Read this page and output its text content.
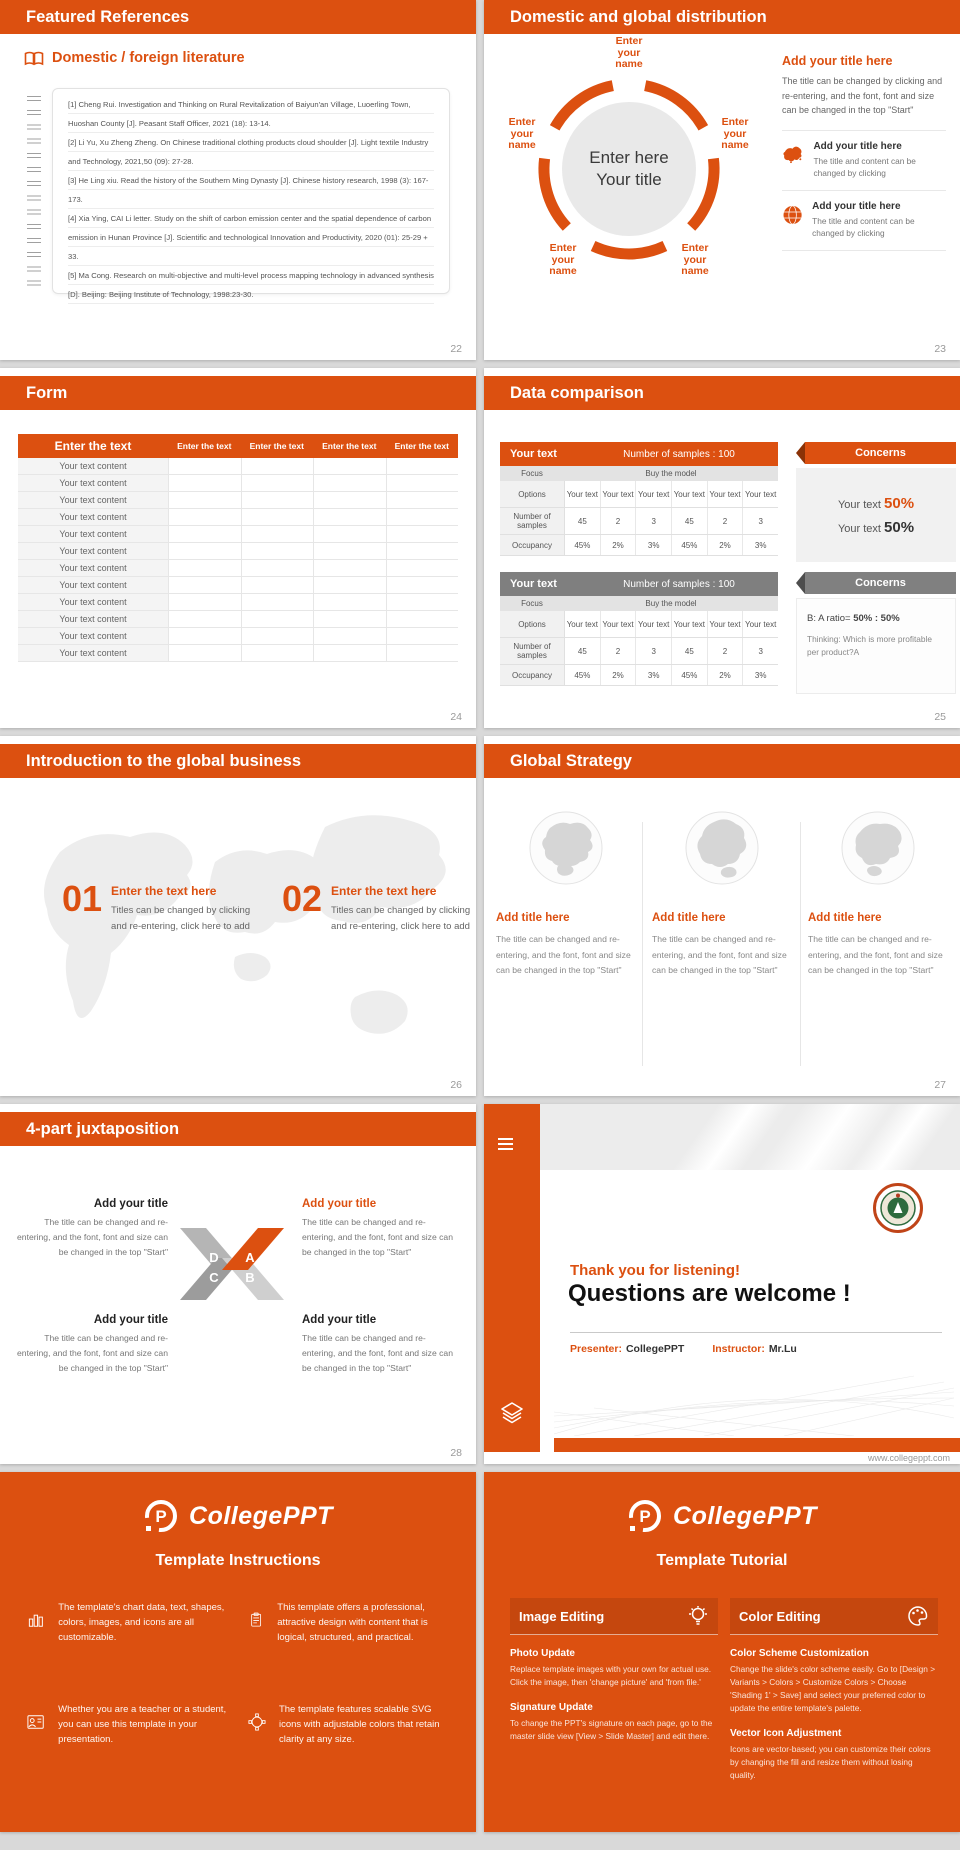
Featured References
Domestic / foreign literature

[1] Cheng Rui. Investigation and Thinking on Rural Revitalization of Baiyun'an Village, Luoerling Town, Huoshan County [J]. Peasant Staff Officer, 2021 (18): 13-14.

[2] Li Yu, Xu Zheng Zheng. On Chinese traditional clothing products cloud shoulder [J]. Light textile Industry and Technology, 2021,50 (09): 27-28.

[3] He Ling xiu. Read the history of the Southern Ming Dynasty [J]. Chinese history research, 1998 (3): 167-173.

[4] Xia Ying, CAI Li letter. Study on the shift of carbon emission center and the spatial dependence of carbon emission in Hunan Province [J]. Scientific and technological Innovation and Productivity, 2020 (01): 25-29 + 33.

[5] Ma Cong. Research on multi-objective and multi-level process mapping technology in advanced synthesis [D]. Beijing: Beijing Institute of Technology, 1998:23-30.

22
Domestic and global distribution
Enter here
Your title
Enter your name
Enter your name
Enter your name
Enter your name
Enter your name
Add your title here
The title can be changed by clicking and re-entering, and the font, font and size can be changed in the top "Start"
Add your title here
The title and content can be changed by clicking
Add your title here
The title and content can be changed by clicking
23
Form
Enter the text	Enter the text	Enter the text	Enter the text	Enter the text
Your text content
Your text content
Your text content
Your text content
Your text content
Your text content
Your text content
Your text content
Your text content
Your text content
Your text content
Your text content
24
Data comparison
Your text	Number of samples : 100
Focus	Buy the model
Options	Your text Your text Your text Your text Your text Your text
Number of samples	45	2	3	45	2	3
Occupancy	45%	2%	3%	45%	2%	3%
Your text	Number of samples : 100
Focus	Buy the model
Options	Your text Your text Your text Your text Your text Your text
Number of samples	45	2	3	45	2	3
Occupancy	45%	2%	3%	45%	2%	3%
Concerns
Your text 50%
Your text 50%
Concerns
B: A ratio= 50% : 50%
Thinking: Which is more profitable per product?A
25
Introduction to the global business
01 Enter the text here
Titles can be changed by clicking and re-entering, click here to add
02 Enter the text here
Titles can be changed by clicking and re-entering, click here to add
26
Global Strategy
Add title here
The title can be changed and re-entering, and the font, font and size can be changed in the top "Start"
Add title here
The title can be changed and re-entering, and the font, font and size can be changed in the top "Start"
Add title here
The title can be changed and re-entering, and the font, font and size can be changed in the top "Start"
27
4-part juxtaposition
Add your title
The title can be changed and re-entering, and the font, font and size can be changed in the top "Start"
Add your title
The title can be changed and re-entering, and the font, font and size can be changed in the top "Start"
Add your title
The title can be changed and re-entering, and the font, font and size can be changed in the top "Start"
Add your title
The title can be changed and re-entering, and the font, font and size can be changed in the top "Start"
D A
C B
28
Thank you for listening!
Questions are welcome !
Presenter: CollegePPT	Instructor: Mr.Lu
www.collegeppt.com
P CollegePPT
Template Instructions
The template's chart data, text, shapes, colors, images, and icons are all customizable.
This template offers a professional, attractive design with content that is logical, structured, and practical.
Whether you are a teacher or a student, you can use this template in your presentation.
The template features scalable SVG icons with adjustable colors that retain clarity at any size.
P CollegePPT
Template Tutorial
Image Editing
Photo Update
Replace template images with your own for actual use. Click the image, then 'change picture' and 'from file.'
Signature Update
To change the PPT's signature on each page, go to the master slide view [View > Slide Master] and edit there.
Color Editing
Color Scheme Customization
Change the slide's color scheme easily. Go to [Design > Variants > Colors > Customize Colors > Choose 'Shading 1' > Save] and select your preferred color to update the entire template's palette.
Vector Icon Adjustment
Icons are vector-based; you can customize their colors by changing the fill and resize them without losing quality.
